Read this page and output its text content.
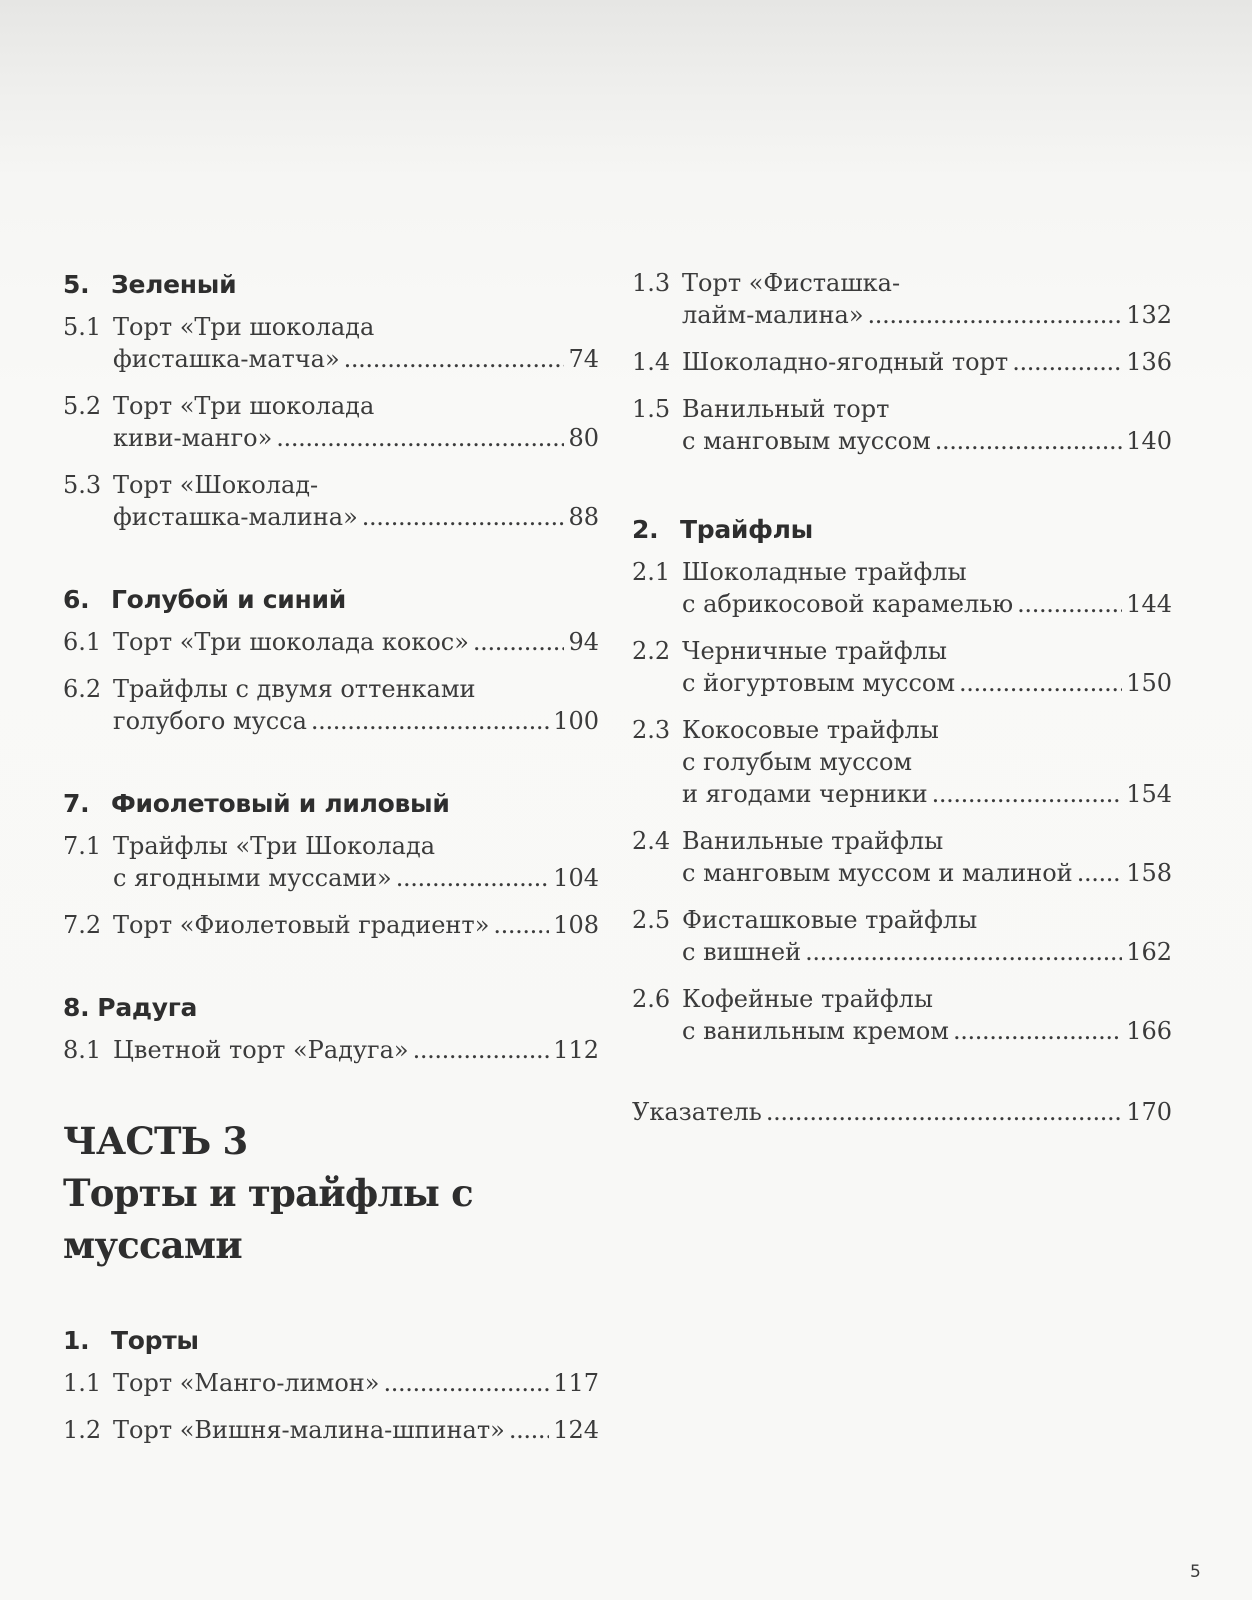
5. Зеленый
5.1 Торт «Три шоколада
фисташка-матча» . . .	74
5.2 Торт «Три шоколада
киви-манго» . . .	80
5.3 Торт «Шоколад-
фисташка-малина» . . .	88
6. Голубой и синий
6.1 Торт «Три шоколада кокос» . . .	94
6.2 Трайфлы с двумя оттенками
голубого мусса . . .	100
7. Фиолетовый и лиловый
7.1 Трайфлы «Три Шоколада
с ягодными муссами» . . .	104
7.2 Торт «Фиолетовый градиент» . . .	108
8. Радуга
8.1 Цветной торт «Радуга» . . .	112
ЧАСТЬ 3
Торты и трайфлы с муссами
1. Торты
1.1 Торт «Манго-лимон» . . .	117
1.2 Торт «Вишня-малина-шпинат» . . . 124
1.3 Торт «Фисташка-
лайм-малина» . . .	132
1.4 Шоколадно-ягодный торт . . .	136
1.5 Ванильный торт
с манговым муссом . . .	140
2. Трайфлы
2.1 Шоколадные трайфлы
с абрикосовой карамелью . . .	144
2.2 Черничные трайфлы
с йогуртовым муссом . . .	150
2.3 Кокосовые трайфлы
с голубым муссом
и ягодами черники . . .	154
2.4 Ванильные трайфлы
с манговым муссом и малиной . . . 158
2.5 Фисташковые трайфлы
с вишней . . .	162
2.6 Кофейные трайфлы
с ванильным кремом . . .	166
Указатель . . .	170
5
